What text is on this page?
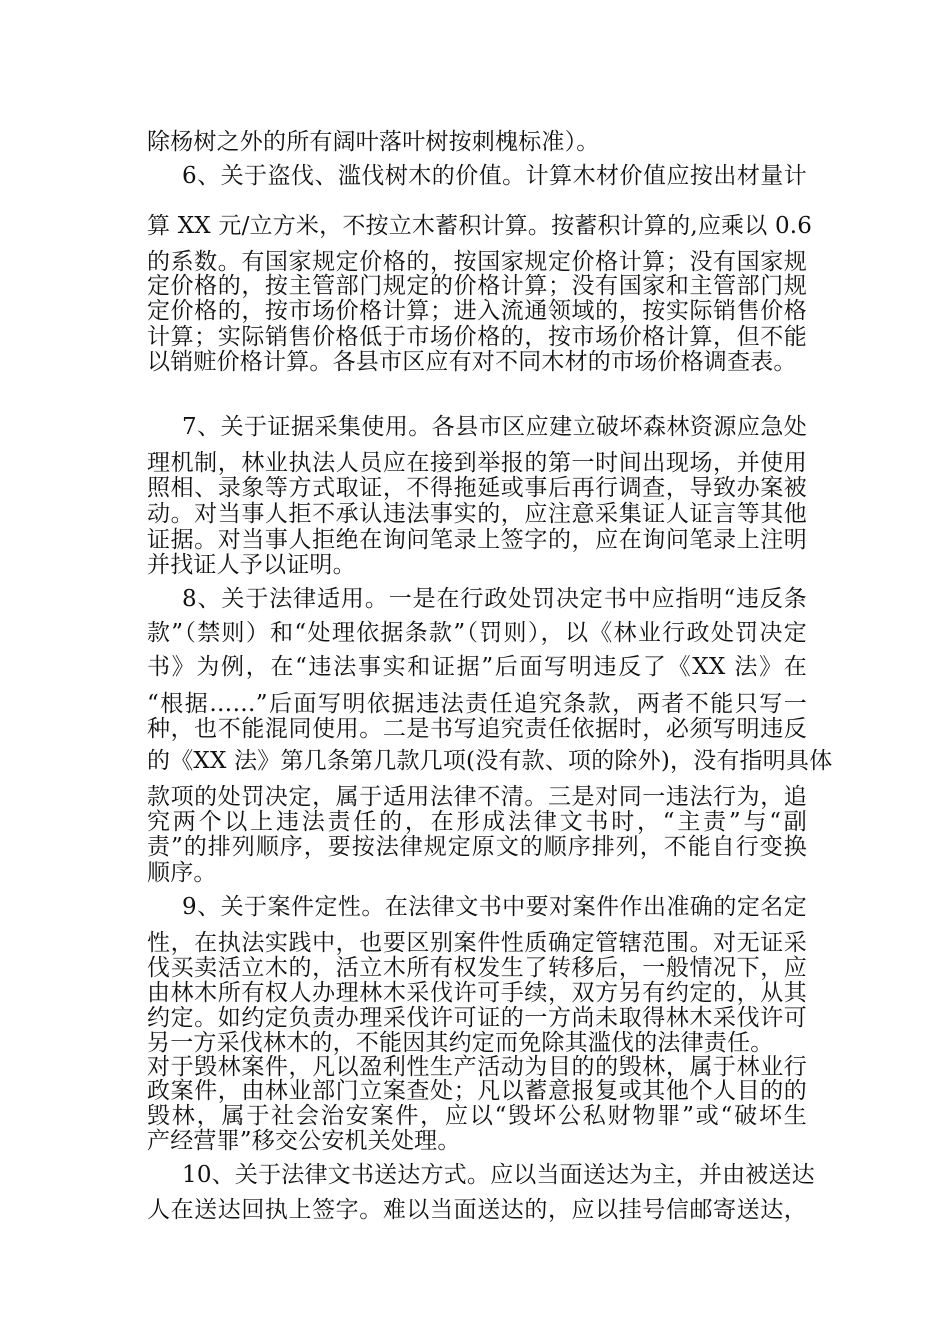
除杨树之外的所有阔叶落叶树按刺槐标准）。
6、关于盗伐、滥伐树木的价值。计算木材价值应按出材量计
算 XX 元/立方米，不按立木蓄积计算。按蓄积计算的,应乘以 0.6
的系数。有国家规定价格的，按国家规定价格计算；没有国家规
定价格的，按主管部门规定的价格计算；没有国家和主管部门规
定价格的，按市场价格计算；进入流通领域的，按实际销售价格
计算；实际销售价格低于市场价格的，按市场价格计算，但不能
以销赃价格计算。各县市区应有对不同木材的市场价格调查表。
7、关于证据采集使用。各县市区应建立破坏森林资源应急处
理机制，林业执法人员应在接到举报的第一时间出现场，并使用
照相、录象等方式取证，不得拖延或事后再行调查，导致办案被
动。对当事人拒不承认违法事实的，应注意采集证人证言等其他
证据。对当事人拒绝在询问笔录上签字的，应在询问笔录上注明
并找证人予以证明。
8、关于法律适用。一是在行政处罚决定书中应指明“违反条
款”（禁则）和“处理依据条款”（罚则），以《林业行政处罚决定
书》为例，在“违法事实和证据”后面写明违反了《XX 法》在
“根据……”后面写明依据违法责任追究条款，两者不能只写一
种，也不能混同使用。二是书写追究责任依据时，必须写明违反
的《XX 法》第几条第几款几项(没有款、项的除外)，没有指明具体
款项的处罚决定，属于适用法律不清。三是对同一违法行为，追
究两个以上违法责任的，在形成法律文书时，“主责”与“副
责”的排列顺序，要按法律规定原文的顺序排列，不能自行变换
顺序。
9、关于案件定性。在法律文书中要对案件作出准确的定名定
性，在执法实践中，也要区别案件性质确定管辖范围。对无证采
伐买卖活立木的，活立木所有权发生了转移后，一般情况下，应
由林木所有权人办理林木采伐许可手续，双方另有约定的，从其
约定。如约定负责办理采伐许可证的一方尚未取得林木采伐许可
另一方采伐林木的，不能因其约定而免除其滥伐的法律责任。
对于毁林案件，凡以盈利性生产活动为目的的毁林，属于林业行
政案件，由林业部门立案查处；凡以蓄意报复或其他个人目的的
毁林，属于社会治安案件，应以“毁坏公私财物罪”或“破坏生
产经营罪”移交公安机关处理。
10、关于法律文书送达方式。应以当面送达为主，并由被送达
人在送达回执上签字。难以当面送达的，应以挂号信邮寄送达，
